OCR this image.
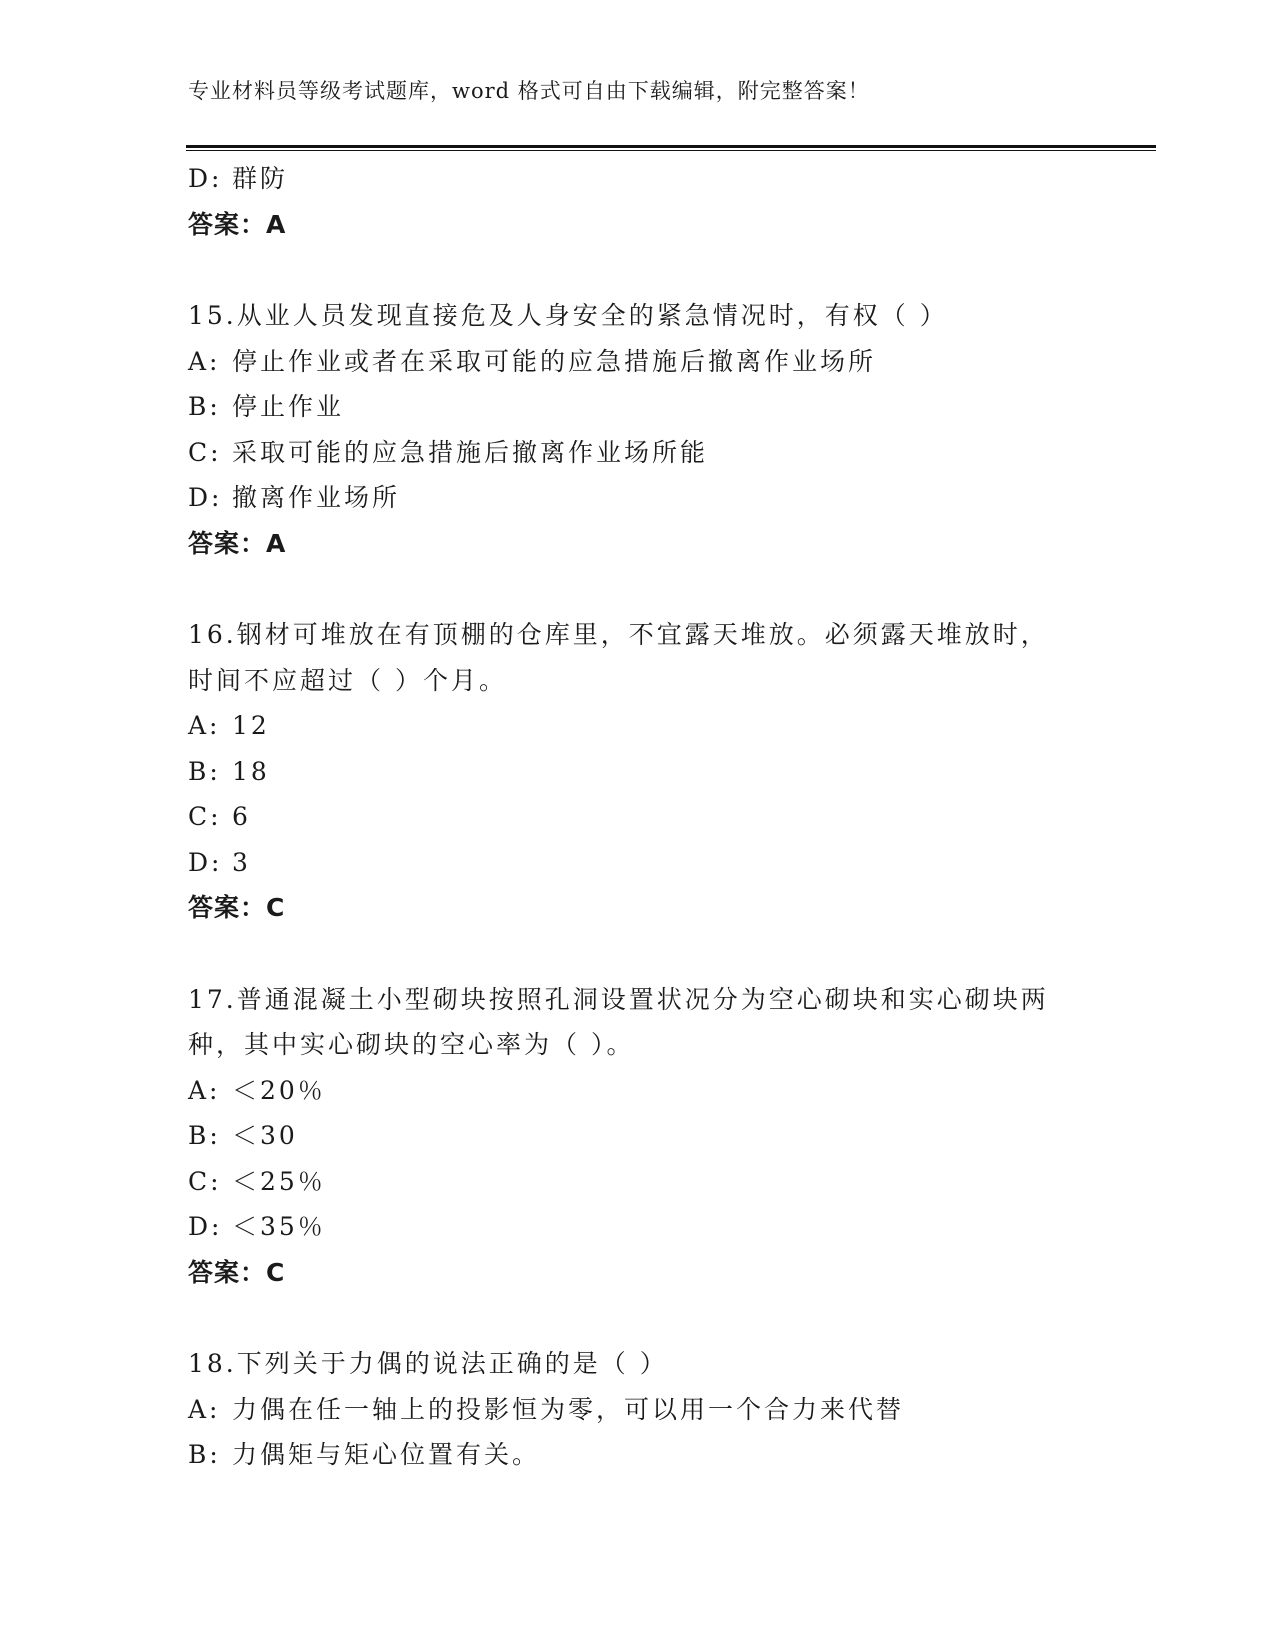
专业材料员等级考试题库，word 格式可自由下载编辑，附完整答案！
D: 群防
答案：A
15.从业人员发现直接危及人身安全的紧急情况时，有权（ ）
A: 停止作业或者在采取可能的应急措施后撤离作业场所
B: 停止作业
C: 采取可能的应急措施后撤离作业场所能
D: 撤离作业场所
答案：A
16.钢材可堆放在有顶棚的仓库里，不宜露天堆放。必须露天堆放时，
时间不应超过（ ）个月。
A: 12
B: 18
C: 6
D: 3
答案：C
17.普通混凝土小型砌块按照孔洞设置状况分为空心砌块和实心砌块两
种，其中实心砌块的空心率为（ ）。
A: ＜20％
B: ＜30
C: ＜25％
D: ＜35％
答案：C
18.下列关于力偶的说法正确的是（ ）
A: 力偶在任一轴上的投影恒为零，可以用一个合力来代替
B: 力偶矩与矩心位置有关。
